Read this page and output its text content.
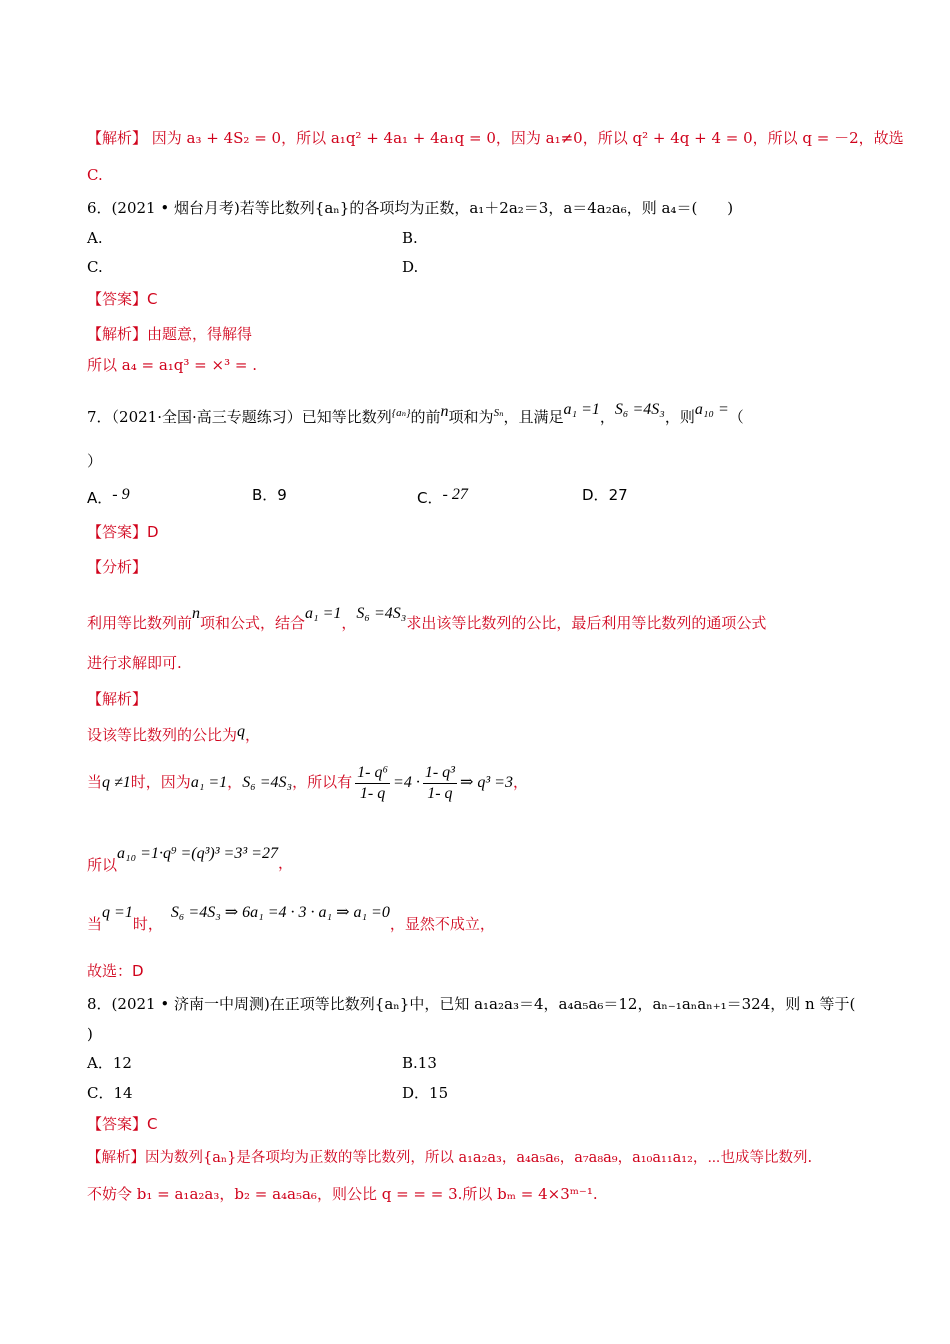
【解析】 因为 a₃ + 4S₂ = 0，所以 a₁q² + 4a₁ + 4a₁q = 0，因为 a₁≠0，所以 q² + 4q + 4 = 0，所以 q = －2，故选
C.
6．(2021 • 烟台月考)若等比数列{aₙ}的各项均为正数，a₁＋2a₂＝3，a＝4a₂a₆，则 a₄＝(　　)
A.	B.
C.	D.
【答案】C
【解析】由题意，得解得
所以 a₄ = a₁q³ = ×³ = .
7．（2021·全国·高三专题练习）已知等比数列$^{\{a_n\}}$的前n项和为$^{S_n}$，且满足a₁ =1，S₆ =4S₃，则a₁₀ =（
）
A．- 9	B．9	C．- 27	D．27
【答案】D
【分析】
利用等比数列前n项和公式，结合a₁ =1，S₆ =4S₃求出该等比数列的公比，最后利用等比数列的通项公式
进行求解即可.
【解析】
设该等比数列的公比为q，
当q ≠1时，因为a₁ =1，S₆ =4S₃，所以有 $\frac{\text{1- q⁶}}{1- q} =4 \cdot \frac{\text{1- q³}}{1- q}$ ⇒ q³ =3，
所以a₁₀ =1·q⁹ =(q³)³ =3³ =27，
当q =1时，S₆ =4S₃ ⇒ 6a₁ =4 · 3 · a₁ ⇒ a₁ =0，显然不成立，
故选：D
8．(2021 • 济南一中周测)在正项等比数列{aₙ}中，已知 a₁a₂a₃＝4，a₄a₅a₆＝12，aₙ₋₁aₙaₙ₊₁＝324，则 n 等于(
)
A．12	B.13
C．14	D．15
【答案】C
【解析】因为数列{aₙ}是各项均为正数的等比数列，所以 a₁a₂a₃，a₄a₅a₆，a₇a₈a₉，a₁₀a₁₁a₁₂，⋯也成等比数列.
不妨令 b₁ = a₁a₂a₃，b₂ = a₄a₅a₆，则公比 q = = = 3.所以 bₘ = 4×3ᵐ⁻¹.
